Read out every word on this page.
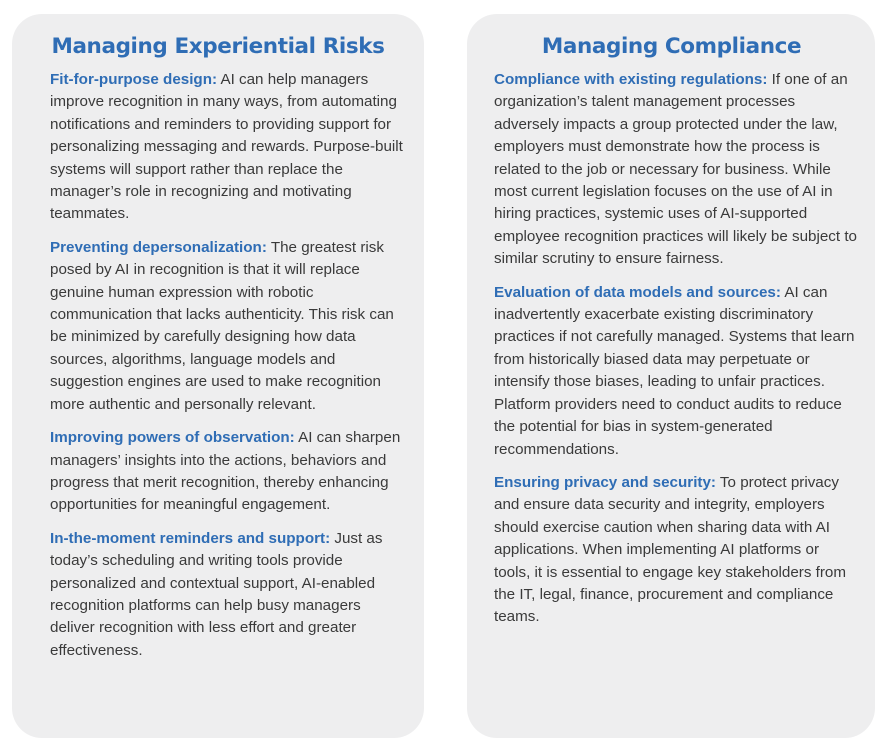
Managing Experiential Risks

Fit-for-purpose design: AI can help managers improve recognition in many ways, from automating notifications and reminders to providing support for personalizing messaging and rewards. Purpose-built systems will support rather than replace the manager’s role in recognizing and motivating teammates.

Preventing depersonalization: The greatest risk posed by AI in recognition is that it will replace genuine human expression with robotic communication that lacks authenticity. This risk can be minimized by carefully designing how data sources, algorithms, language models and suggestion engines are used to make recognition more authentic and personally relevant.

Improving powers of observation: AI can sharpen managers’ insights into the actions, behaviors and progress that merit recognition, thereby enhancing opportunities for meaningful engagement.

In-the-moment reminders and support: Just as today’s scheduling and writing tools provide personalized and contextual support, AI-enabled recognition platforms can help busy managers deliver recognition with less effort and greater effectiveness.

Managing Compliance

Compliance with existing regulations: If one of an organization’s talent management processes adversely impacts a group protected under the law, employers must demonstrate how the process is related to the job or necessary for business. While most current legislation focuses on the use of AI in hiring practices, systemic uses of AI-supported employee recognition practices will likely be subject to similar scrutiny to ensure fairness.

Evaluation of data models and sources: AI can inadvertently exacerbate existing discriminatory practices if not carefully managed. Systems that learn from historically biased data may perpetuate or intensify those biases, leading to unfair practices. Platform providers need to conduct audits to reduce the potential for bias in system-generated recommendations.

Ensuring privacy and security: To protect privacy and ensure data security and integrity, employers should exercise caution when sharing data with AI applications. When implementing AI platforms or tools, it is essential to engage key stakeholders from the IT, legal, finance, procurement and compliance teams.
